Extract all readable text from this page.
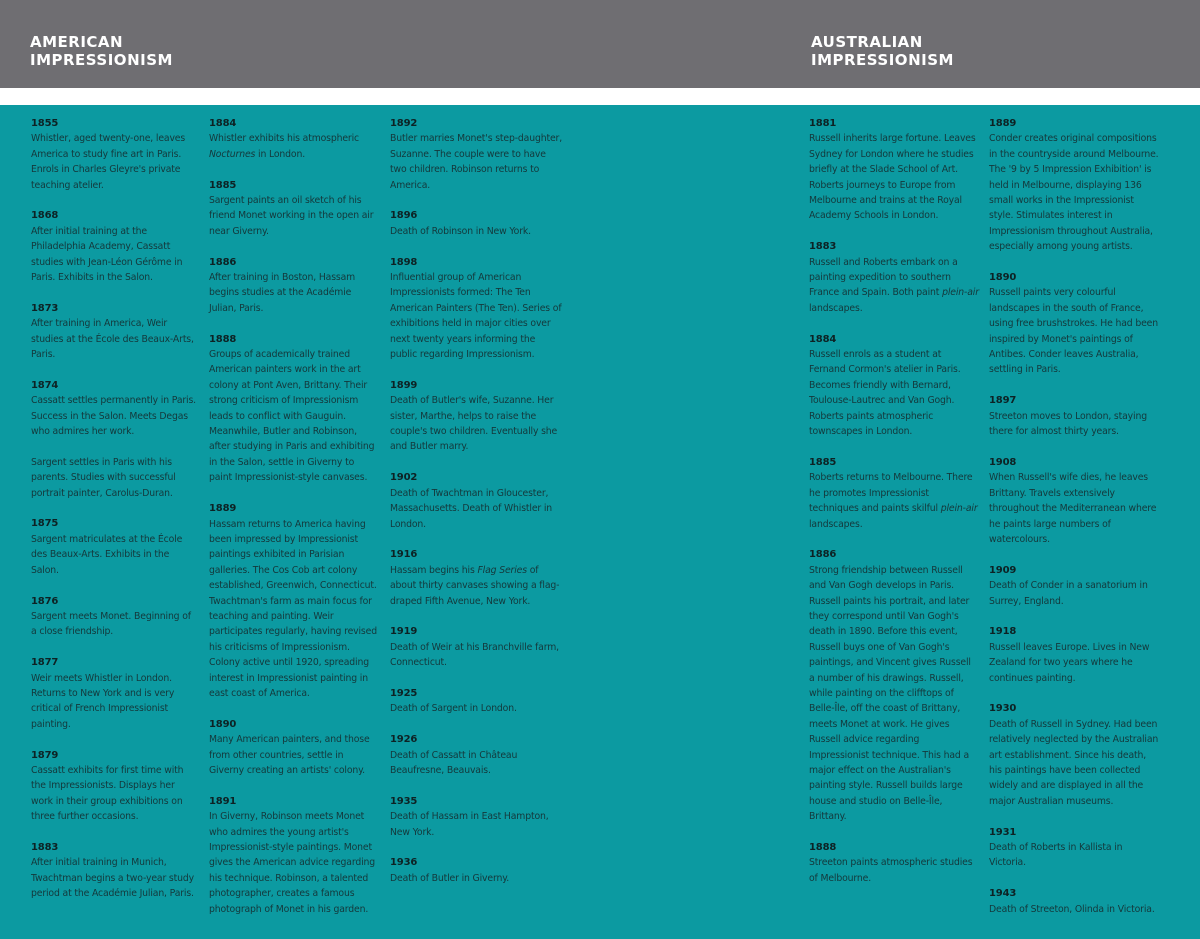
AMERICAN
IMPRESSIONISM
AUSTRALIAN
IMPRESSIONISM
1855
Whistler, aged twenty-one, leaves America to study fine art in Paris. Enrols in Charles Gleyre's private teaching atelier.
1868
After initial training at the Philadelphia Academy, Cassatt studies with Jean-Léon Gérôme in Paris. Exhibits in the Salon.
1873
After training in America, Weir studies at the École des Beaux-Arts, Paris.
1874
Cassatt settles permanently in Paris. Success in the Salon. Meets Degas who admires her work.
Sargent settles in Paris with his parents. Studies with successful portrait painter, Carolus-Duran.
1875
Sargent matriculates at the École des Beaux-Arts. Exhibits in the Salon.
1876
Sargent meets Monet. Beginning of a close friendship.
1877
Weir meets Whistler in London. Returns to New York and is very critical of French Impressionist painting.
1879
Cassatt exhibits for first time with the Impressionists. Displays her work in their group exhibitions on three further occasions.
1883
After initial training in Munich, Twachtman begins a two-year study period at the Académie Julian, Paris.
1884
Whistler exhibits his atmospheric
Nocturnes in London.
1885
Sargent paints an oil sketch of his friend Monet working in the open air near Giverny.
1886
After training in Boston, Hassam begins studies at the Académie Julian, Paris.
1888
Groups of academically trained American painters work in the art colony at Pont Aven, Brittany. Their strong criticism of Impressionism leads to conflict with Gauguin. Meanwhile, Butler and Robinson, after studying in Paris and exhibiting in the Salon, settle in Giverny to paint Impressionist-style canvases.
1889
Hassam returns to America having been impressed by Impressionist paintings exhibited in Parisian galleries. The Cos Cob art colony established, Greenwich, Connecticut. Twachtman's farm as main focus for teaching and painting. Weir participates regularly, having revised his criticisms of Impressionism. Colony active until 1920, spreading interest in Impressionist painting in east coast of America.
1890
Many American painters, and those from other countries, settle in Giverny creating an artists' colony.
1891
In Giverny, Robinson meets Monet who admires the young artist's Impressionist-style paintings. Monet gives the American advice regarding his technique. Robinson, a talented photographer, creates a famous photograph of Monet in his garden.
1892
Butler marries Monet's step-daughter, Suzanne. The couple were to have two children. Robinson returns to America.
1896
Death of Robinson in New York.
1898
Influential group of American Impressionists formed: The Ten American Painters (The Ten). Series of exhibitions held in major cities over next twenty years informing the public regarding Impressionism.
1899
Death of Butler's wife, Suzanne. Her sister, Marthe, helps to raise the couple's two children. Eventually she and Butler marry.
1902
Death of Twachtman in Gloucester, Massachusetts. Death of Whistler in London.
1916
Hassam begins his Flag Series of about thirty canvases showing a flag-draped Fifth Avenue, New York.
1919
Death of Weir at his Branchville farm, Connecticut.
1925
Death of Sargent in London.
1926
Death of Cassatt in Château Beaufresne, Beauvais.
1935
Death of Hassam in East Hampton, New York.
1936
Death of Butler in Giverny.
1881
Russell inherits large fortune. Leaves Sydney for London where he studies briefly at the Slade School of Art. Roberts journeys to Europe from Melbourne and trains at the Royal Academy Schools in London.
1883
Russell and Roberts embark on a painting expedition to southern France and Spain. Both paint plein-air landscapes.
1884
Russell enrols as a student at Fernand Cormon's atelier in Paris. Becomes friendly with Bernard, Toulouse-Lautrec and Van Gogh. Roberts paints atmospheric townscapes in London.
1885
Roberts returns to Melbourne. There he promotes Impressionist techniques and paints skilful plein-air landscapes.
1886
Strong friendship between Russell and Van Gogh develops in Paris. Russell paints his portrait, and later they correspond until Van Gogh's death in 1890. Before this event, Russell buys one of Van Gogh's paintings, and Vincent gives Russell a number of his drawings. Russell, while painting on the clifftops of Belle-Île, off the coast of Brittany, meets Monet at work. He gives Russell advice regarding Impressionist technique. This had a major effect on the Australian's painting style. Russell builds large house and studio on Belle-Île, Brittany.
1888
Streeton paints atmospheric studies of Melbourne.
1889
Conder creates original compositions in the countryside around Melbourne. The '9 by 5 Impression Exhibition' is held in Melbourne, displaying 136 small works in the Impressionist style. Stimulates interest in Impressionism throughout Australia, especially among young artists.
1890
Russell paints very colourful landscapes in the south of France, using free brushstrokes. He had been inspired by Monet's paintings of Antibes. Conder leaves Australia, settling in Paris.
1897
Streeton moves to London, staying there for almost thirty years.
1908
When Russell's wife dies, he leaves Brittany. Travels extensively throughout the Mediterranean where he paints large numbers of watercolours.
1909
Death of Conder in a sanatorium in Surrey, England.
1918
Russell leaves Europe. Lives in New Zealand for two years where he continues painting.
1930
Death of Russell in Sydney. Had been relatively neglected by the Australian art establishment. Since his death, his paintings have been collected widely and are displayed in all the major Australian museums.
1931
Death of Roberts in Kallista in Victoria.
1943
Death of Streeton, Olinda in Victoria.
